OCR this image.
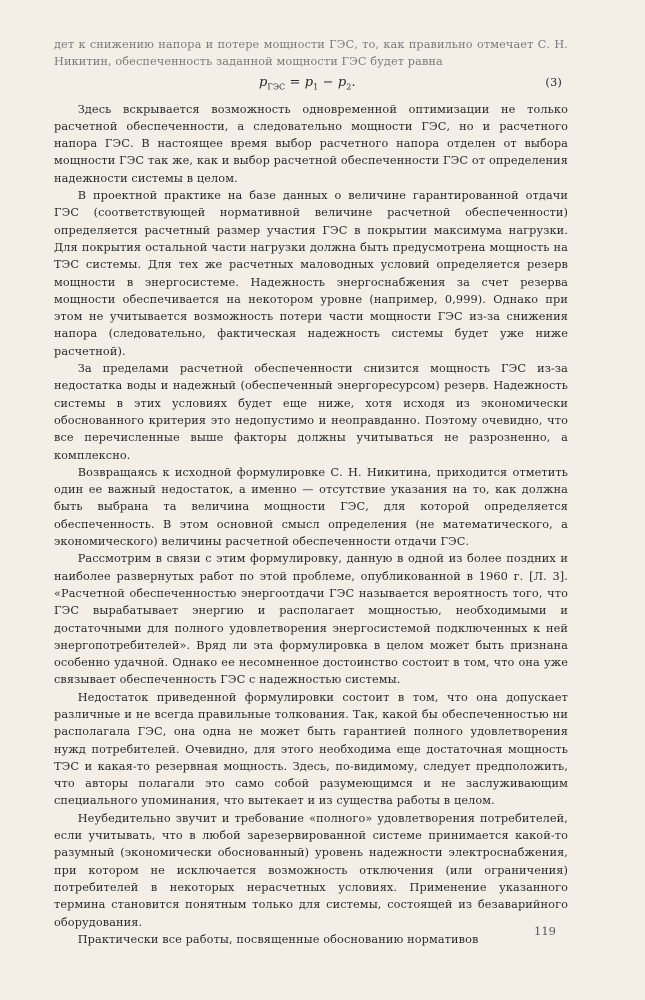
дет к снижению напора и потере мощности ГЭС, то, как правильно отмечает С. Н. Никитин, обеспеченность заданной мощности ГЭС будет равна

$p_{ГЭС} = p_1 - p_2$.	(3)

Здесь вскрывается возможность одновременной оптимизации не только расчетной обеспеченности, а следовательно мощности ГЭС, но и расчетного напора ГЭС. В настоящее время выбор расчетного напора отделен от выбора мощности ГЭС так же, как и выбор расчетной обеспеченности ГЭС от определения надежности системы в целом.

В проектной практике на базе данных о величине гарантированной отдачи ГЭС (соответствующей нормативной величине расчетной обеспеченности) определяется расчетный размер участия ГЭС в покрытии максимума нагрузки. Для покрытия остальной части нагрузки должна быть предусмотрена мощность на ТЭС системы. Для тех же расчетных маловодных условий определяется резерв мощности в энергосистеме. Надежность энергоснабжения за счет резерва мощности обеспечивается на некотором уровне (например, 0,999). Однако при этом не учитывается возможность потери части мощности ГЭС из-за снижения напора (следовательно, фактическая надежность системы будет уже ниже расчетной).

За пределами расчетной обеспеченности снизится мощность ГЭС из-за недостатка воды и надежный (обеспеченный энергоресурсом) резерв. Надежность системы в этих условиях будет еще ниже, хотя исходя из экономически обоснованного критерия это недопустимо и неоправданно. Поэтому очевидно, что все перечисленные выше факторы должны учитываться не разрозненно, а комплексно.

Возвращаясь к исходной формулировке С. Н. Никитина, приходится отметить один ее важный недостаток, а именно — отсутствие указания на то, как должна быть выбрана та величина мощности ГЭС, для которой определяется обеспеченность. В этом основной смысл определения (не математического, а экономического) величины расчетной обеспеченности отдачи ГЭС.

Рассмотрим в связи с этим формулировку, данную в одной из более поздних и наиболее развернутых работ по этой проблеме, опубликованной в 1960 г. [Л. 3]. «Расчетной обеспеченностью энергоотдачи ГЭС называется вероятность того, что ГЭС вырабатывает энергию и располагает мощностью, необходимыми и достаточными для полного удовлетворения энергосистемой подключенных к ней энергопотребителей». Вряд ли эта формулировка в целом может быть признана особенно удачной. Однако ее несомненное достоинство состоит в том, что она уже связывает обеспеченность ГЭС с надежностью системы.

Недостаток приведенной формулировки состоит в том, что она допускает различные и не всегда правильные толкования. Так, какой бы обеспеченностью ни располагала ГЭС, она одна не может быть гарантией полного удовлетворения нужд потребителей. Очевидно, для этого необходима еще достаточная мощность ТЭС и какая-то резервная мощность. Здесь, по-видимому, следует предположить, что авторы полагали это само собой разумеющимся и не заслуживающим специального упоминания, что вытекает и из существа работы в целом.

Неубедительно звучит и требование «полного» удовлетворения потребителей, если учитывать, что в любой зарезервированной системе принимается какой-то разумный (экономически обоснованный) уровень надежности электроснабжения, при котором не исключается возможность отключения (или ограничения) потребителей в некоторых нерасчетных условиях. Применение указанного термина становится понятным только для системы, состоящей из безаварийного оборудования.

Практически все работы, посвященные обоснованию нормативов

119
